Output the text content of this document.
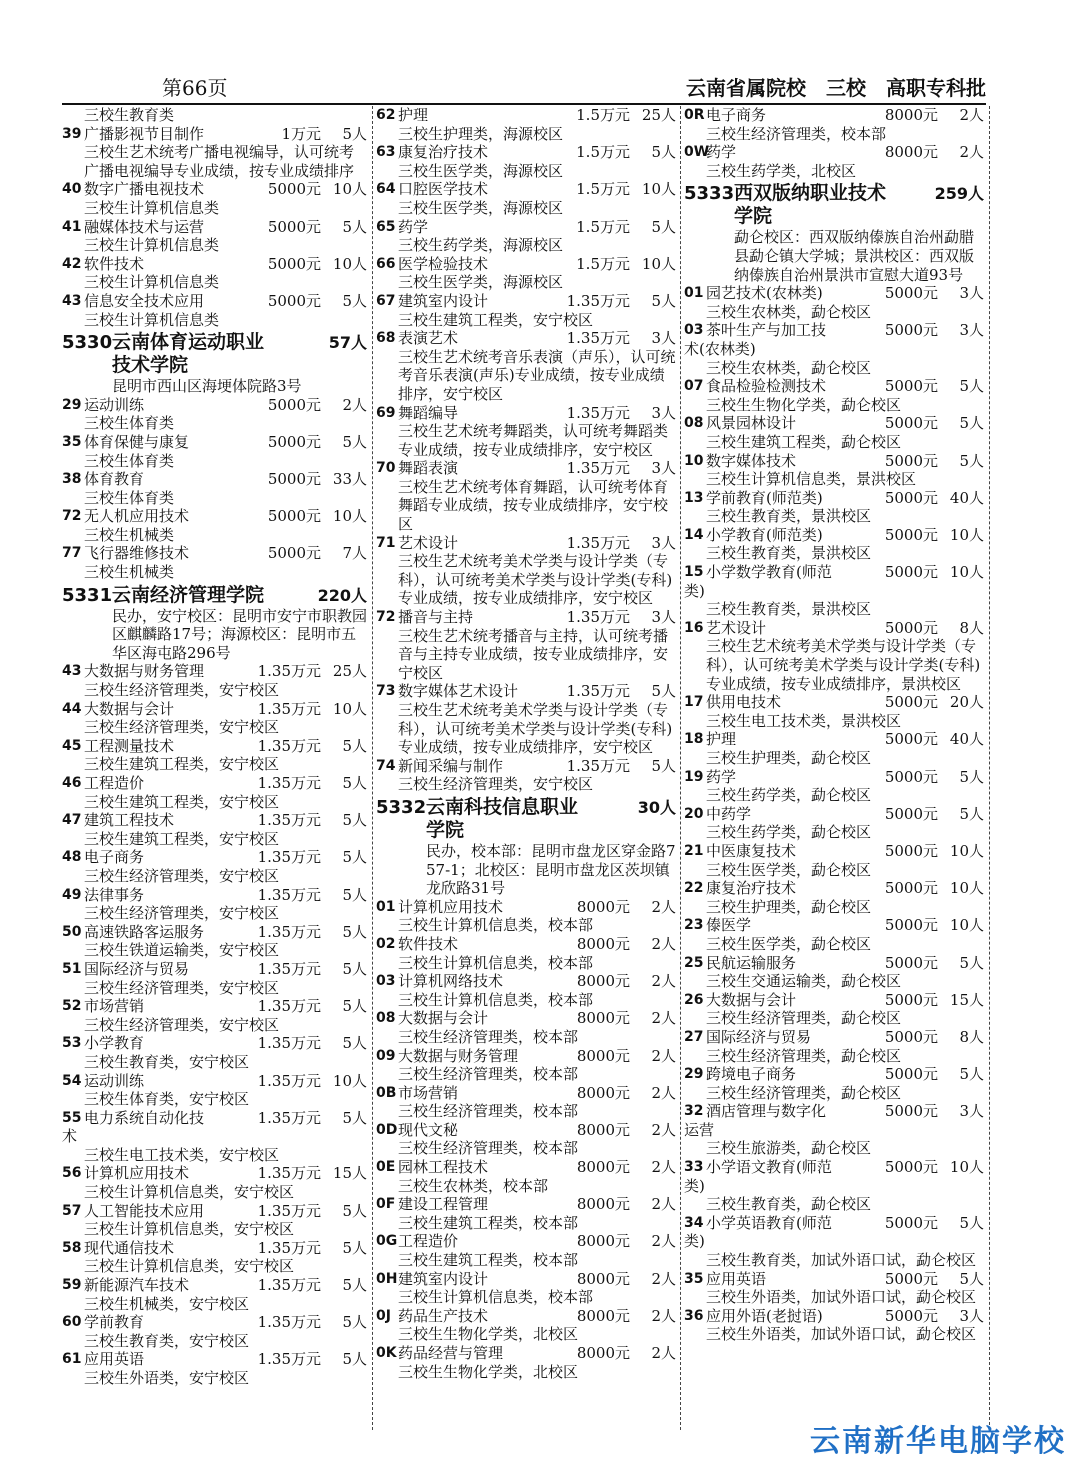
第66页	云南省属院校　三校　高职专科批
三校生教育类
39 广播影视节目制作	1万元 5人
三校生艺术统考广播电视编导，认可统考广播电视编导专业成绩，按专业成绩排序
40 数字广播电视技术	5000元 10人
三校生计算机信息类
41 融媒体技术与运营	5000元 5人
三校生计算机信息类
42 软件技术	5000元 10人
三校生计算机信息类
43 信息安全技术应用	5000元 5人
三校生计算机信息类
5330云南体育运动职业
技术学院
57人
昆明市西山区海埂体院路3号
29 运动训练	5000元 2人
三校生体育类
35 体育保健与康复	5000元 5人
三校生体育类
38 体育教育	5000元 33人
三校生体育类
72 无人机应用技术	5000元 10人
三校生机械类
77 飞行器维修技术	5000元 7人
三校生机械类
5331云南经济管理学院	220人
民办，安宁校区：昆明市安宁市职教园区麒麟路17号；海源校区：昆明市五华区海屯路296号
43 大数据与财务管理	1.35万元 25人
三校生经济管理类，安宁校区
44 大数据与会计	1.35万元 10人
三校生经济管理类，安宁校区
45 工程测量技术	1.35万元 5人
三校生建筑工程类，安宁校区
46 工程造价	1.35万元 5人
三校生建筑工程类，安宁校区
47 建筑工程技术	1.35万元 5人
三校生建筑工程类，安宁校区
48 电子商务	1.35万元 5人
三校生经济管理类，安宁校区
49 法律事务	1.35万元 5人
三校生经济管理类，安宁校区
50 高速铁路客运服务	1.35万元 5人
三校生铁道运输类，安宁校区
51 国际经济与贸易	1.35万元 5人
三校生经济管理类，安宁校区
52 市场营销	1.35万元 5人
三校生经济管理类，安宁校区
53 小学教育	1.35万元 5人
三校生教育类，安宁校区
54 运动训练	1.35万元 10人
三校生体育类，安宁校区
55 电力系统自动化技术
1.35万元 5人
三校生电工技术类，安宁校区
56 计算机应用技术	1.35万元 15人
三校生计算机信息类，安宁校区
57 人工智能技术应用	1.35万元 5人
三校生计算机信息类，安宁校区
58 现代通信技术	1.35万元 5人
三校生计算机信息类，安宁校区
59 新能源汽车技术	1.35万元 5人
三校生机械类，安宁校区
60 学前教育	1.35万元 5人
三校生教育类，安宁校区
61 应用英语	1.35万元 5人
三校生外语类，安宁校区
62 护理	1.5万元 25人
三校生护理类，海源校区
63 康复治疗技术	1.5万元 5人
三校生医学类，海源校区
64 口腔医学技术	1.5万元 10人
三校生医学类，海源校区
65 药学	1.5万元 5人
三校生药学类，海源校区
66 医学检验技术	1.5万元 10人
三校生医学类，海源校区
67 建筑室内设计	1.35万元 5人
三校生建筑工程类，安宁校区
68 表演艺术	1.35万元 3人
三校生艺术统考音乐表演（声乐），认可统考音乐表演(声乐)专业成绩，按专业成绩排序，安宁校区
69 舞蹈编导	1.35万元 3人
三校生艺术统考舞蹈类，认可统考舞蹈类专业成绩，按专业成绩排序，安宁校区
70 舞蹈表演	1.35万元 3人
三校生艺术统考体育舞蹈，认可统考体育舞蹈专业成绩，按专业成绩排序，安宁校区
71 艺术设计	1.35万元 3人
三校生艺术统考美术学类与设计学类（专科），认可统考美术学类与设计学类(专科)专业成绩，按专业成绩排序，安宁校区
72 播音与主持	1.35万元 3人
三校生艺术统考播音与主持，认可统考播音与主持专业成绩，按专业成绩排序，安宁校区
73 数字媒体艺术设计	1.35万元 5人
三校生艺术统考美术学类与设计学类（专科），认可统考美术学类与设计学类(专科)专业成绩，按专业成绩排序，安宁校区
74 新闻采编与制作	1.35万元 5人
三校生经济管理类，安宁校区
5332云南科技信息职业
学院
30人
民办，校本部：昆明市盘龙区穿金路757-1；北校区：昆明市盘龙区茨坝镇龙欣路31号
01 计算机应用技术	8000元 2人
三校生计算机信息类，校本部
02 软件技术	8000元 2人
三校生计算机信息类，校本部
03 计算机网络技术	8000元 2人
三校生计算机信息类，校本部
08 大数据与会计	8000元 2人
三校生经济管理类，校本部
09 大数据与财务管理	8000元 2人
三校生经济管理类，校本部
0B 市场营销	8000元 2人
三校生经济管理类，校本部
0D现代文秘	8000元 2人
三校生经济管理类，校本部
0E 园林工程技术	8000元 2人
三校生农林类，校本部
0F 建设工程管理	8000元 2人
三校生建筑工程类，校本部
0G工程造价	8000元 2人
三校生建筑工程类，校本部
0H建筑室内设计	8000元 2人
三校生计算机信息类，校本部
0J 药品生产技术	8000元 2人
三校生生物化学类，北校区
0K药品经营与管理	8000元 2人
三校生生物化学类，北校区
0R电子商务	8000元 2人
三校生经济管理类，校本部
0W药学	8000元 2人
三校生药学类，北校区
5333西双版纳职业技术
学院
259人
勐仑校区：西双版纳傣族自治州勐腊县勐仑镇大学城；景洪校区：西双版纳傣族自治州景洪市宣慰大道93号
01 园艺技术(农林类)	5000元 3人
三校生农林类，勐仑校区
03 茶叶生产与加工技术(农林类)
5000元 3人
三校生农林类，勐仑校区
07 食品检验检测技术	5000元 5人
三校生生物化学类，勐仑校区
08 风景园林设计	5000元 5人
三校生建筑工程类，勐仑校区
10 数字媒体技术	5000元 5人
三校生计算机信息类，景洪校区
13 学前教育(师范类)	5000元 40人
三校生教育类，景洪校区
14 小学教育(师范类)	5000元 10人
三校生教育类，景洪校区
15 小学数学教育(师范类)
5000元 10人
三校生教育类，景洪校区
16 艺术设计	5000元 8人
三校生艺术统考美术学类与设计学类（专科），认可统考美术学类与设计学类(专科)专业成绩，按专业成绩排序，景洪校区
17 供用电技术	5000元 20人
三校生电工技术类，景洪校区
18 护理	5000元 40人
三校生护理类，勐仑校区
19 药学	5000元 5人
三校生药学类，勐仑校区
20 中药学	5000元 5人
三校生药学类，勐仑校区
21 中医康复技术	5000元 10人
三校生医学类，勐仑校区
22 康复治疗技术	5000元 10人
三校生护理类，勐仑校区
23 傣医学	5000元 10人
三校生医学类，勐仑校区
25 民航运输服务	5000元 5人
三校生交通运输类，勐仑校区
26 大数据与会计	5000元 15人
三校生经济管理类，勐仑校区
27 国际经济与贸易	5000元 8人
三校生经济管理类，勐仑校区
29 跨境电子商务	5000元 5人
三校生经济管理类，勐仑校区
32 酒店管理与数字化运营
5000元 3人
三校生旅游类，勐仑校区
33 小学语文教育(师范类)
5000元 10人
三校生教育类，勐仑校区
34 小学英语教育(师范类)
5000元 5人
三校生教育类，加试外语口试，勐仑校区
35 应用英语	5000元 5人
三校生外语类，加试外语口试，勐仑校区
36 应用外语(老挝语)	5000元 3人
三校生外语类，加试外语口试，勐仑校区
云南新华电脑学校
